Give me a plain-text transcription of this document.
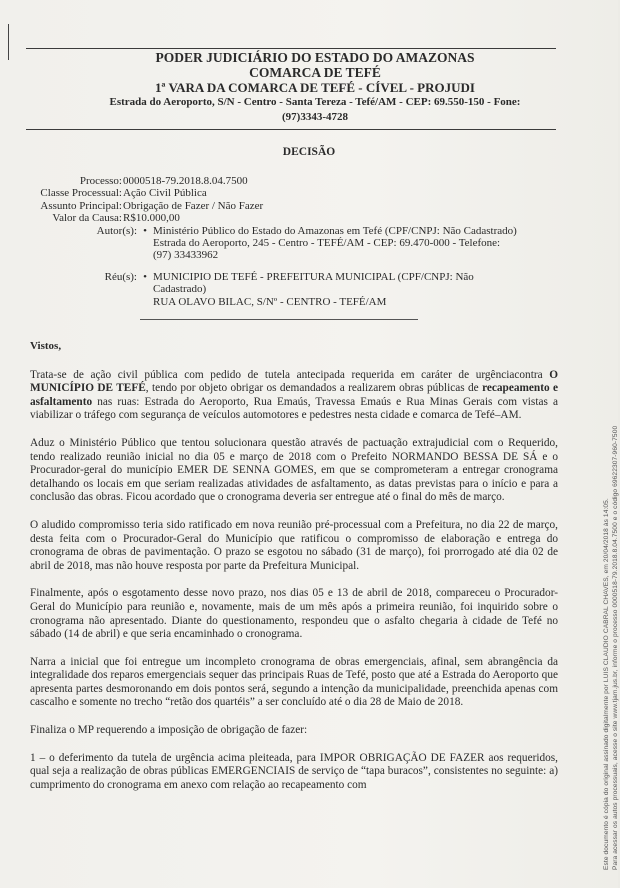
PODER JUDICIÁRIO DO ESTADO DO AMAZONAS
COMARCA DE TEFÉ
1ª VARA DA COMARCA DE TEFÉ - CÍVEL - PROJUDI
Estrada do Aeroporto, S/N - Centro - Santa Tereza - Tefé/AM - CEP: 69.550-150 - Fone:
(97)3343-4728
DECISÃO
Processo: 0000518-79.2018.8.04.7500
Classe Processual: Ação Civil Pública
Assunto Principal: Obrigação de Fazer / Não Fazer
Valor da Causa: R$10.000,00
Autor(s): • Ministério Público do Estado do Amazonas em Tefé (CPF/CNPJ: Não Cadastrado)
Estrada do Aeroporto, 245 - Centro - TEFÉ/AM - CEP: 69.470-000 - Telefone:
(97) 33433962
Réu(s): • MUNICIPIO DE TEFÉ - PREFEITURA MUNICIPAL (CPF/CNPJ: Não
Cadastrado)
RUA OLAVO BILAC, S/Nº - CENTRO - TEFÉ/AM

Vistos,

Trata-se de ação civil pública com pedido de tutela antecipada requerida em caráter de urgênciacontra O MUNICÍPIO DE TEFÉ, tendo por objeto obrigar os demandados a realizarem obras públicas de recapeamento e asfaltamento nas ruas: Estrada do Aeroporto, Rua Emaús, Travessa Emaús e Rua Minas Gerais com vistas a viabilizar o tráfego com segurança de veículos automotores e pedestres nesta cidade e comarca de Tefé–AM.

Aduz o Ministério Público que tentou solucionara questão através de pactuação extrajudicial com o Requerido, tendo realizado reunião inicial no dia 05 e março de 2018 com o Prefeito NORMANDO BESSA DE SÁ e o Procurador-geral do município EMER DE SENNA GOMES, em que se comprometeram a entregar cronograma detalhando os locais em que seriam realizadas atividades de asfaltamento, as datas previstas para o início e para a conclusão das obras. Ficou acordado que o cronograma deveria ser entregue até o final do mês de março.

O aludido compromisso teria sido ratificado em nova reunião pré-processual com a Prefeitura, no dia 22 de março, desta feita com o Procurador-Geral do Município que ratificou o compromisso de elaboração e entrega do cronograma de obras de pavimentação. O prazo se esgotou no sábado (31 de março), foi prorrogado até dia 02 de abril de 2018, mas não houve resposta por parte da Prefeitura Municipal.

Finalmente, após o esgotamento desse novo prazo, nos dias 05 e 13 de abril de 2018, compareceu o Procurador-Geral do Município para reunião e, novamente, mais de um mês após a primeira reunião, foi inquirido sobre o cronograma não apresentado. Diante do questionamento, respondeu que o asfalto chegaria à cidade de Tefé no sábado (14 de abril) e que seria encaminhado o cronograma.

Narra a inicial que foi entregue um incompleto cronograma de obras emergenciais, afinal, sem abrangência da integralidade dos reparos emergenciais sequer das principais Ruas de Tefé, posto que até a Estrada do Aeroporto que apresenta partes desmoronando em dois pontos será, segundo a intenção da municipalidade, preenchida apenas com cascalho e somente no trecho “retão dos quartéis” a ser concluído até o dia 28 de Maio de 2018.

Finaliza o MP requerendo a imposição de obrigação de fazer:

1 – o deferimento da tutela de urgência acima pleiteada, para IMPOR OBRIGAÇÃO DE FAZER aos requeridos, qual seja a realização de obras públicas EMERGENCIAIS de serviço de “tapa buracos”, consistentes no seguinte: a) cumprimento do cronograma em anexo com relação ao recapeamento com	Este documento é cópia do original assinado digitalmente por LUIS CLAUDIO CABRAL CHAVES, em 20/04/2018 às 14:05. Para acessar os autos processuais, acesse o site www.tjam.jus.br, informe o processo 0000518-79.2018.8.04.7500 e o código 69622307-960-7500
